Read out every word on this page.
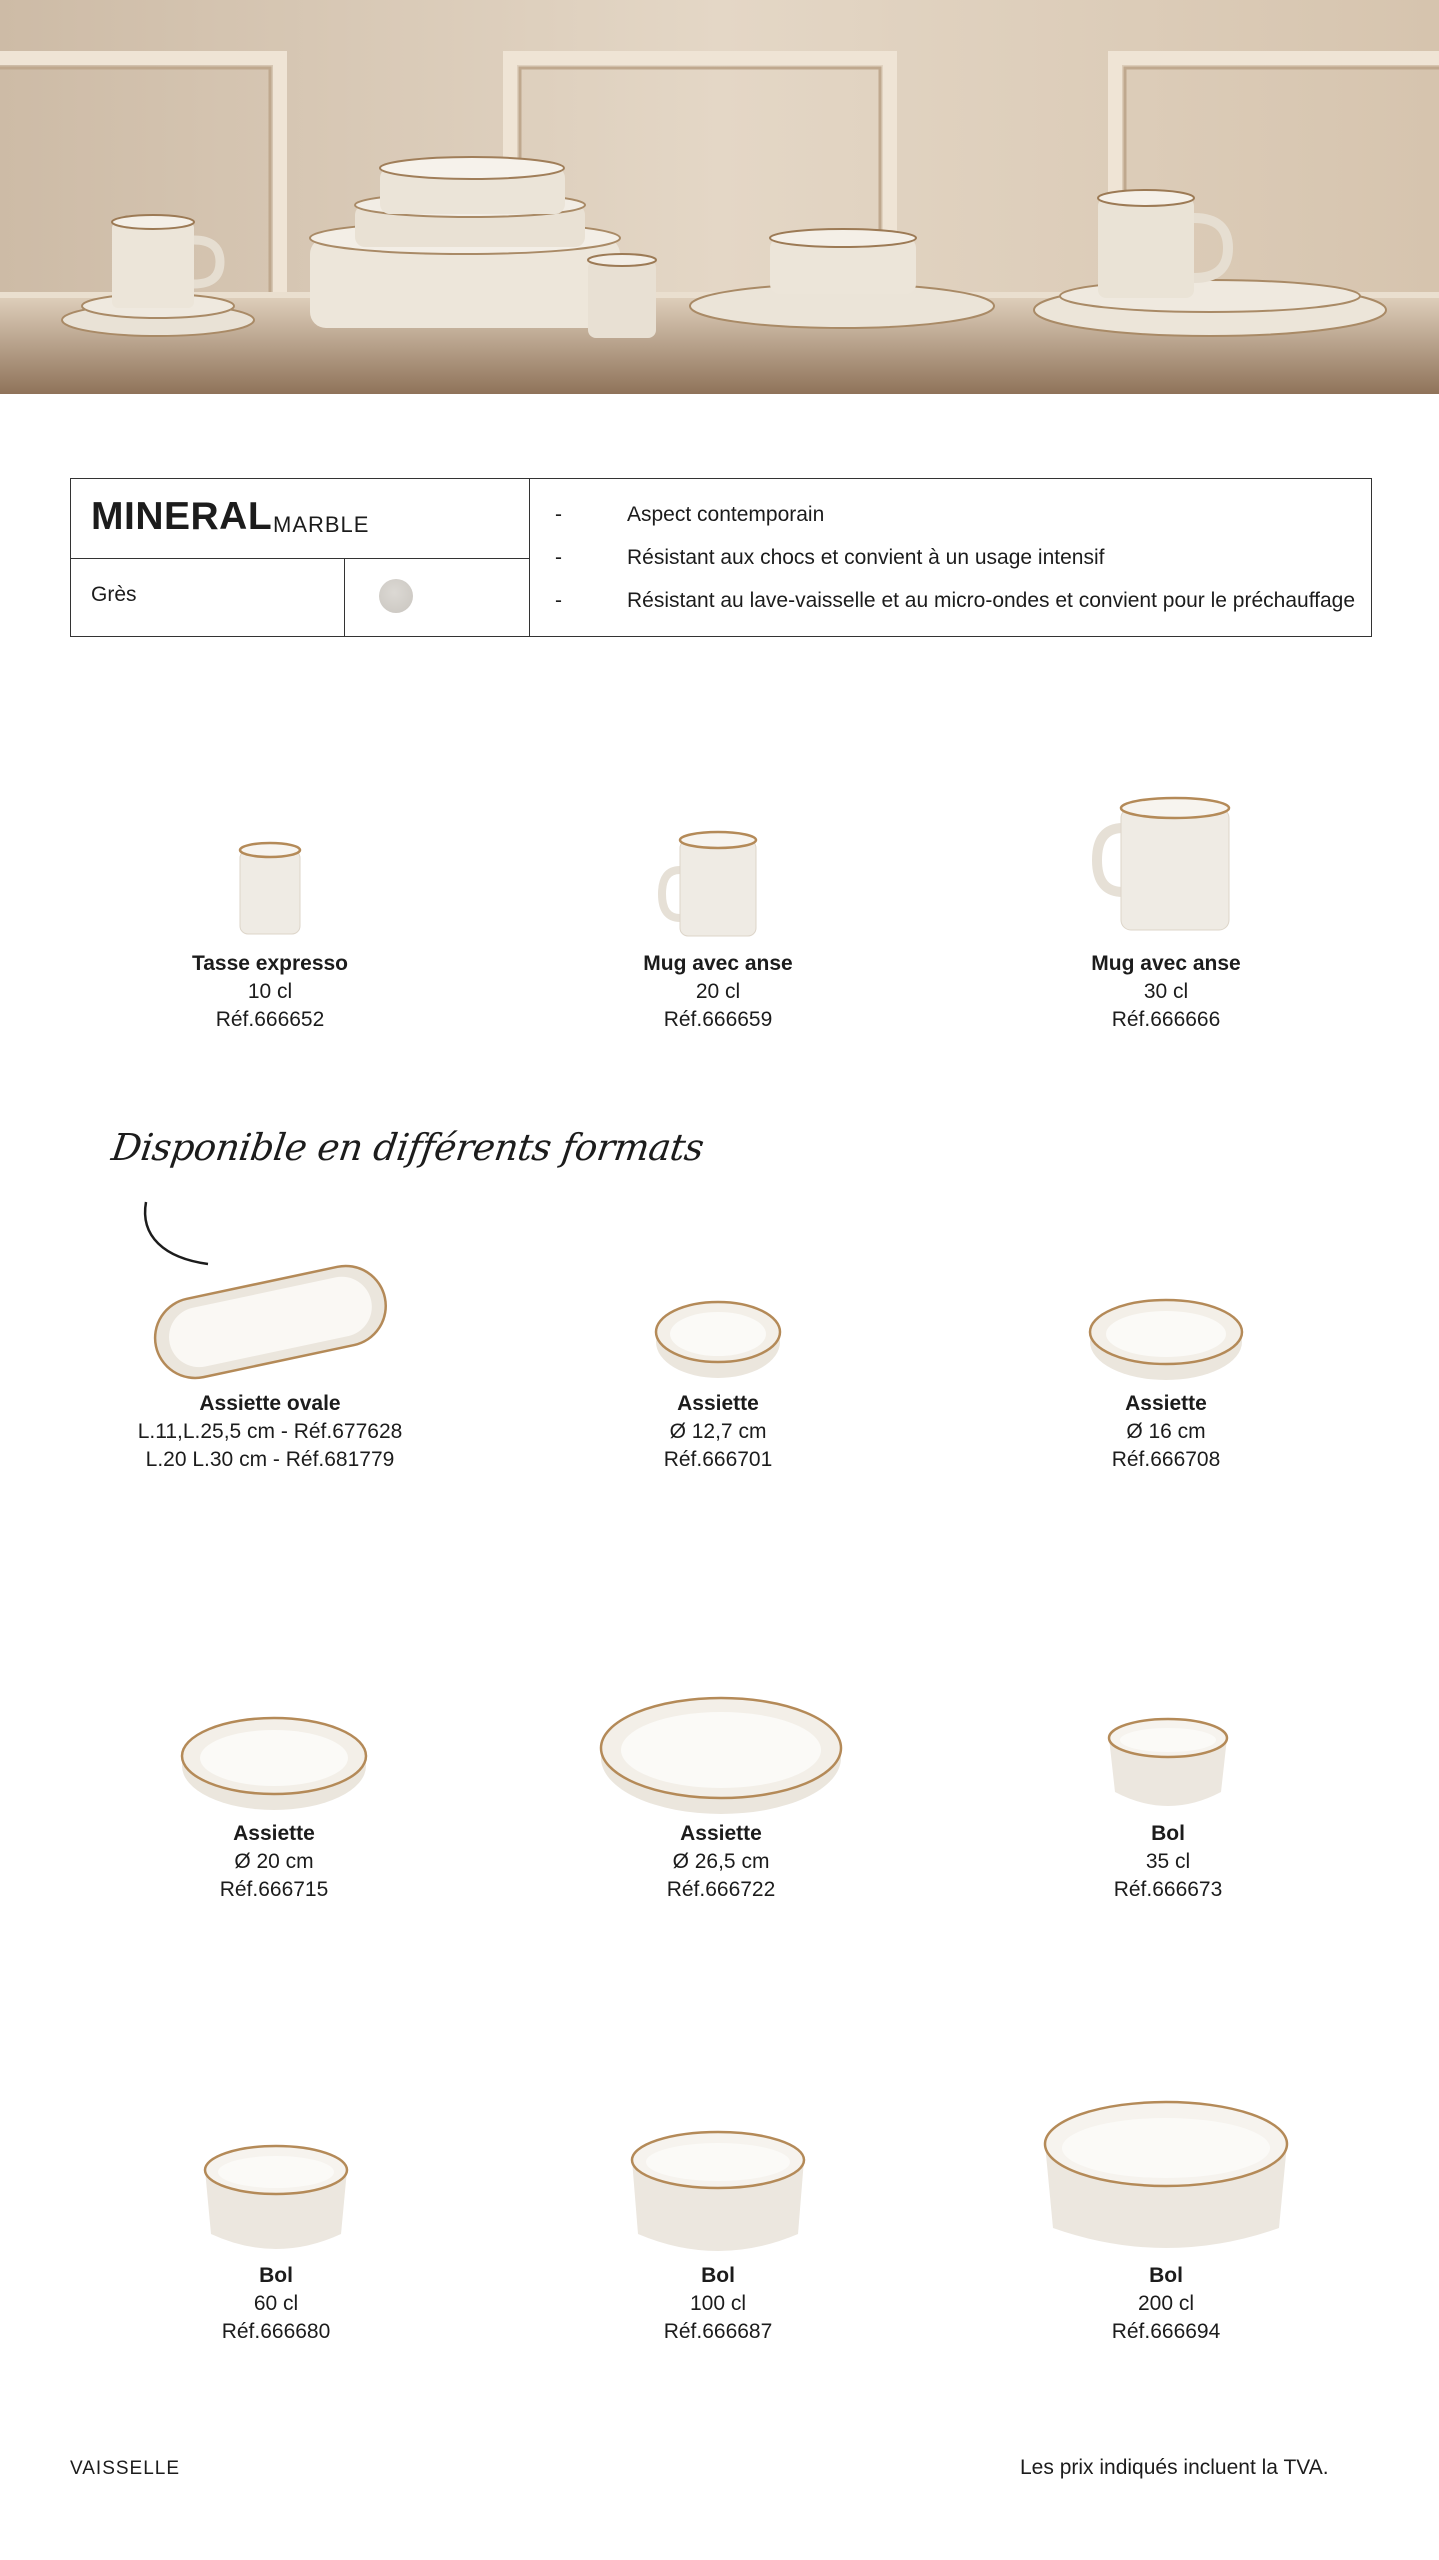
MINERAL MARBLE
Grès
-	Aspect contemporain
-	Résistant aux chocs et convient à un usage intensif
-	Résistant au lave-vaisselle et au micro-ondes et convient pour le préchauffage
Tasse expresso
10 cl
Réf.666652
Mug avec anse
20 cl
Réf.666659
Mug avec anse
30 cl
Réf.666666
Disponible en différents formats
Assiette ovale
L.11,L.25,5 cm - Réf.677628
L.20 L.30 cm - Réf.681779
Assiette
Ø 12,7 cm
Réf.666701
Assiette
Ø 16 cm
Réf.666708
Assiette
Ø 20 cm
Réf.666715
Assiette
Ø 26,5 cm
Réf.666722
Bol
35 cl
Réf.666673
Bol
60 cl
Réf.666680
Bol
100 cl
Réf.666687
Bol
200 cl
Réf.666694
VAISSELLE	Les prix indiqués incluent la TVA.
